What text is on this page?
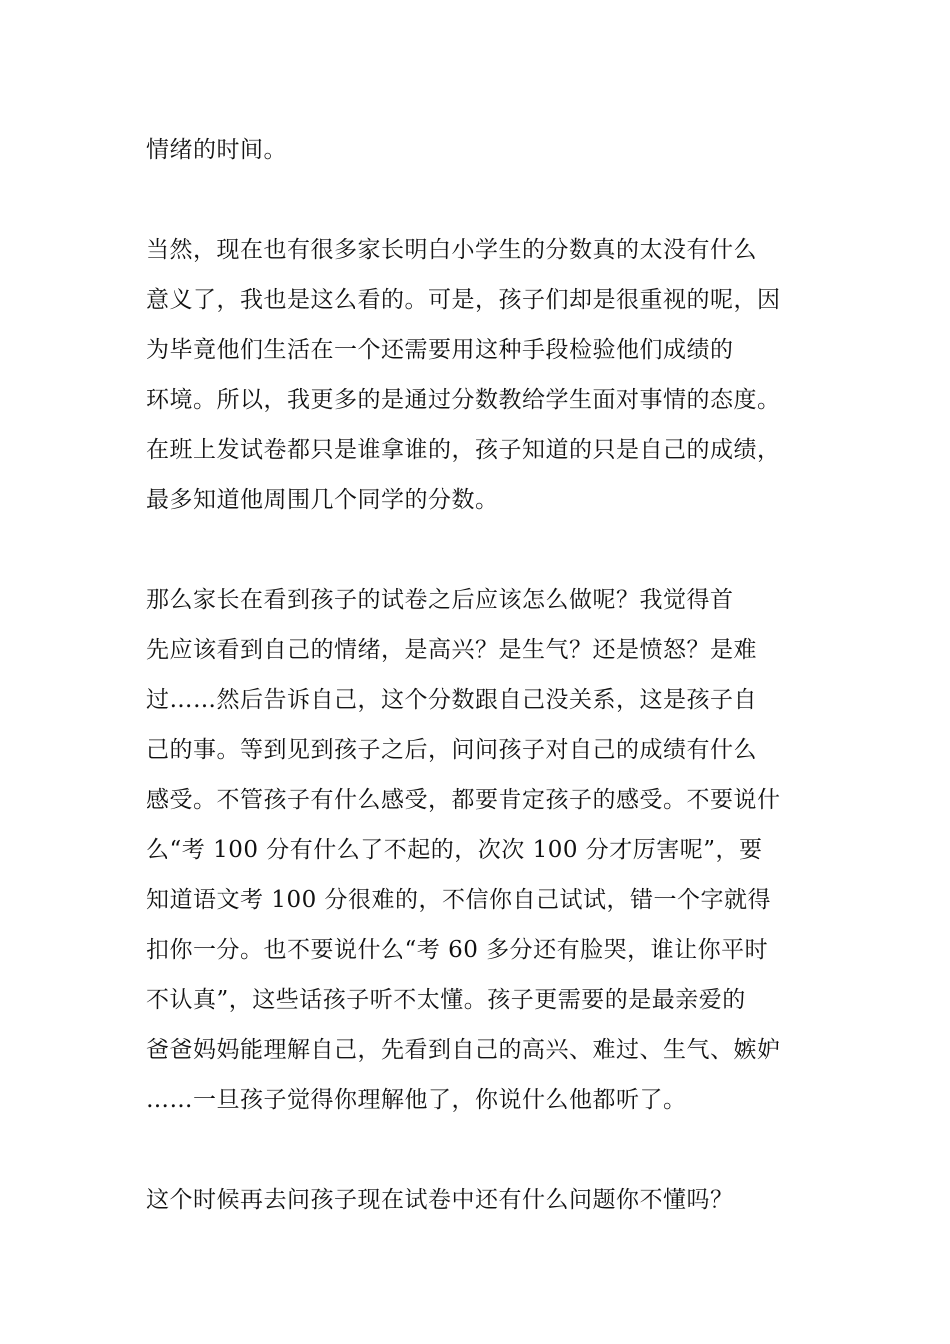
情绪的时间。
当然，现在也有很多家长明白小学生的分数真的太没有什么
意义了，我也是这么看的。可是，孩子们却是很重视的呢，因
为毕竟他们生活在一个还需要用这种手段检验他们成绩的
环境。所以，我更多的是通过分数教给学生面对事情的态度。
在班上发试卷都只是谁拿谁的，孩子知道的只是自己的成绩，
最多知道他周围几个同学的分数。
那么家长在看到孩子的试卷之后应该怎么做呢？我觉得首
先应该看到自己的情绪，是高兴？是生气？还是愤怒？是难
过……然后告诉自己，这个分数跟自己没关系，这是孩子自
己的事。等到见到孩子之后，问问孩子对自己的成绩有什么
感受。不管孩子有什么感受，都要肯定孩子的感受。不要说什
么“考 100 分有什么了不起的，次次 100 分才厉害呢”，要
知道语文考 100 分很难的，不信你自己试试，错一个字就得
扣你一分。也不要说什么“考 60 多分还有脸哭，谁让你平时
不认真”，这些话孩子听不太懂。孩子更需要的是最亲爱的
爸爸妈妈能理解自己，先看到自己的高兴、难过、生气、嫉妒
……一旦孩子觉得你理解他了，你说什么他都听了。
这个时候再去问孩子现在试卷中还有什么问题你不懂吗？
